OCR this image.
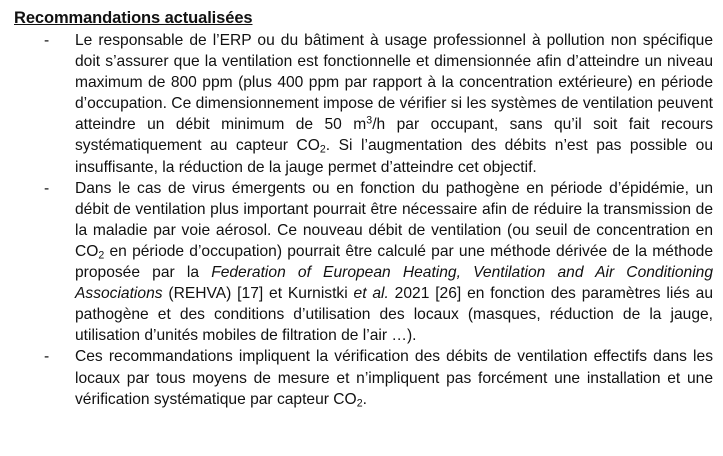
Recommandations actualisées
- Le responsable de l’ERP ou du bâtiment à usage professionnel à pollution non spécifique doit s’assurer que la ventilation est fonctionnelle et dimensionnée afin d’atteindre un niveau maximum de 800 ppm (plus 400 ppm par rapport à la concentration extérieure) en période d’occupation. Ce dimensionnement impose de vérifier si les systèmes de ventilation peuvent atteindre un débit minimum de 50 $m^3/h$ par occupant, sans qu’il soit fait recours systématiquement au capteur $CO_2$. Si l’augmentation des débits n’est pas possible ou insuffisante, la réduction de la jauge permet d’atteindre cet objectif.
- Dans le cas de virus émergents ou en fonction du pathogène en période d’épidémie, un débit de ventilation plus important pourrait être nécessaire afin de réduire la transmission de la maladie par voie aérosol. Ce nouveau débit de ventilation (ou seuil de concentration en $CO_2$ en période d’occupation) pourrait être calculé par une méthode dérivée de la méthode proposée par la Federation of European Heating, Ventilation and Air Conditioning Associations (REHVA) [17] et Kurnistki et al. 2021 [26] en fonction des paramètres liés au pathogène et des conditions d’utilisation des locaux (masques, réduction de la jauge, utilisation d’unités mobiles de filtration de l’air …).
- Ces recommandations impliquent la vérification des débits de ventilation effectifs dans les locaux par tous moyens de mesure et n’impliquent pas forcément une installation et une vérification systématique par capteur $CO_2$.
